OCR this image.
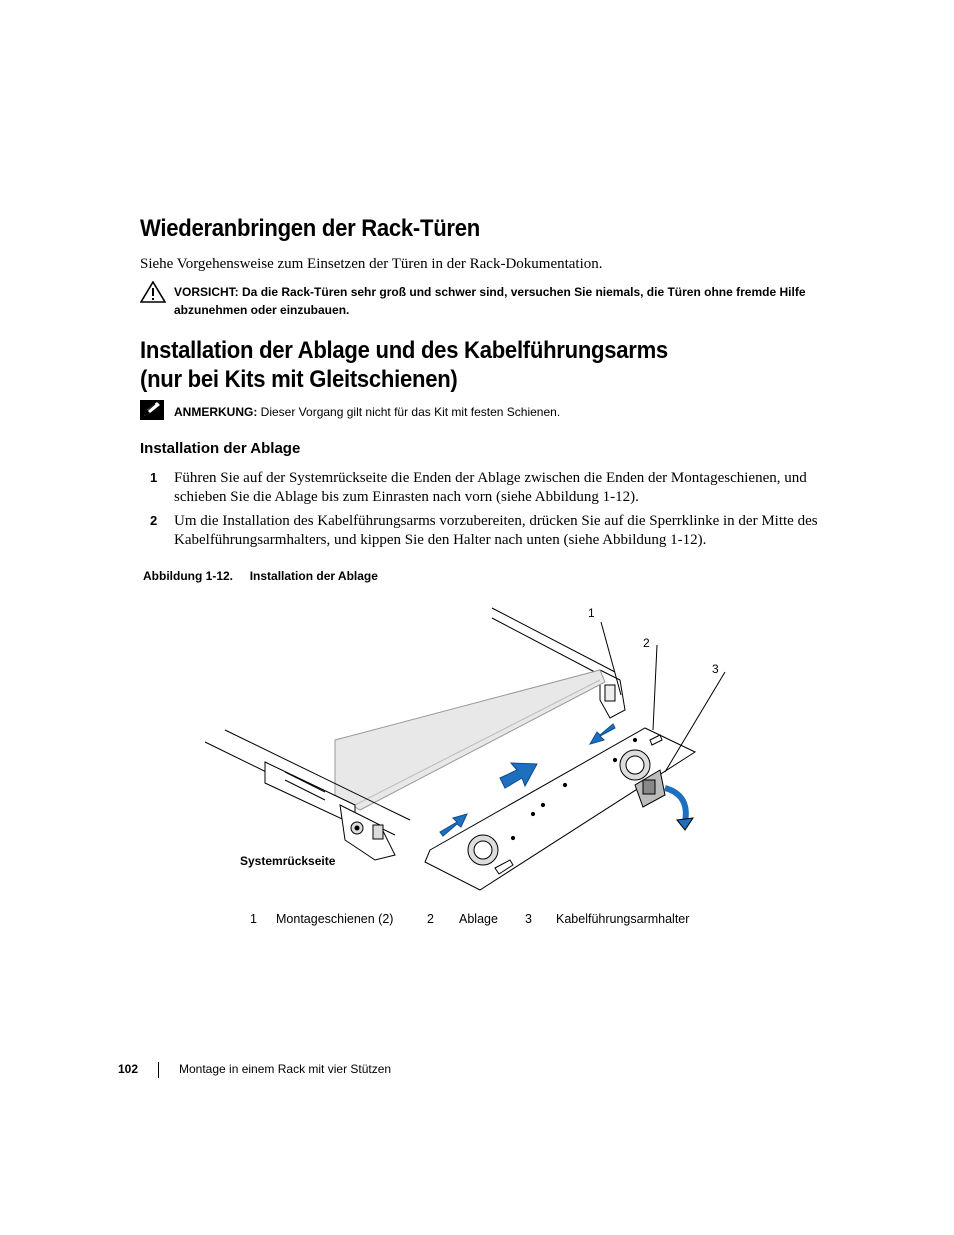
Wiederanbringen der Rack-Türen
Siehe Vorgehensweise zum Einsetzen der Türen in der Rack-Dokumentation.
VORSICHT: Da die Rack-Türen sehr groß und schwer sind, versuchen Sie niemals, die Türen ohne fremde Hilfe abzunehmen oder einzubauen.
Installation der Ablage und des Kabelführungsarms
(nur bei Kits mit Gleitschienen)
ANMERKUNG: Dieser Vorgang gilt nicht für das Kit mit festen Schienen.
Installation der Ablage
1 Führen Sie auf der Systemrückseite die Enden der Ablage zwischen die Enden der Montageschienen, und schieben Sie die Ablage bis zum Einrasten nach vorn (siehe Abbildung 1-12).
2 Um die Installation des Kabelführungsarms vorzubereiten, drücken Sie auf die Sperrklinke in der Mitte des Kabelführungsarmhalters, und kippen Sie den Halter nach unten (siehe Abbildung 1-12).
Abbildung 1-12. Installation der Ablage
1
2
3
Systemrückseite
1 Montageschienen (2)	2 Ablage 3 Kabelführungsarmhalter
102	Montage in einem Rack mit vier Stützen
